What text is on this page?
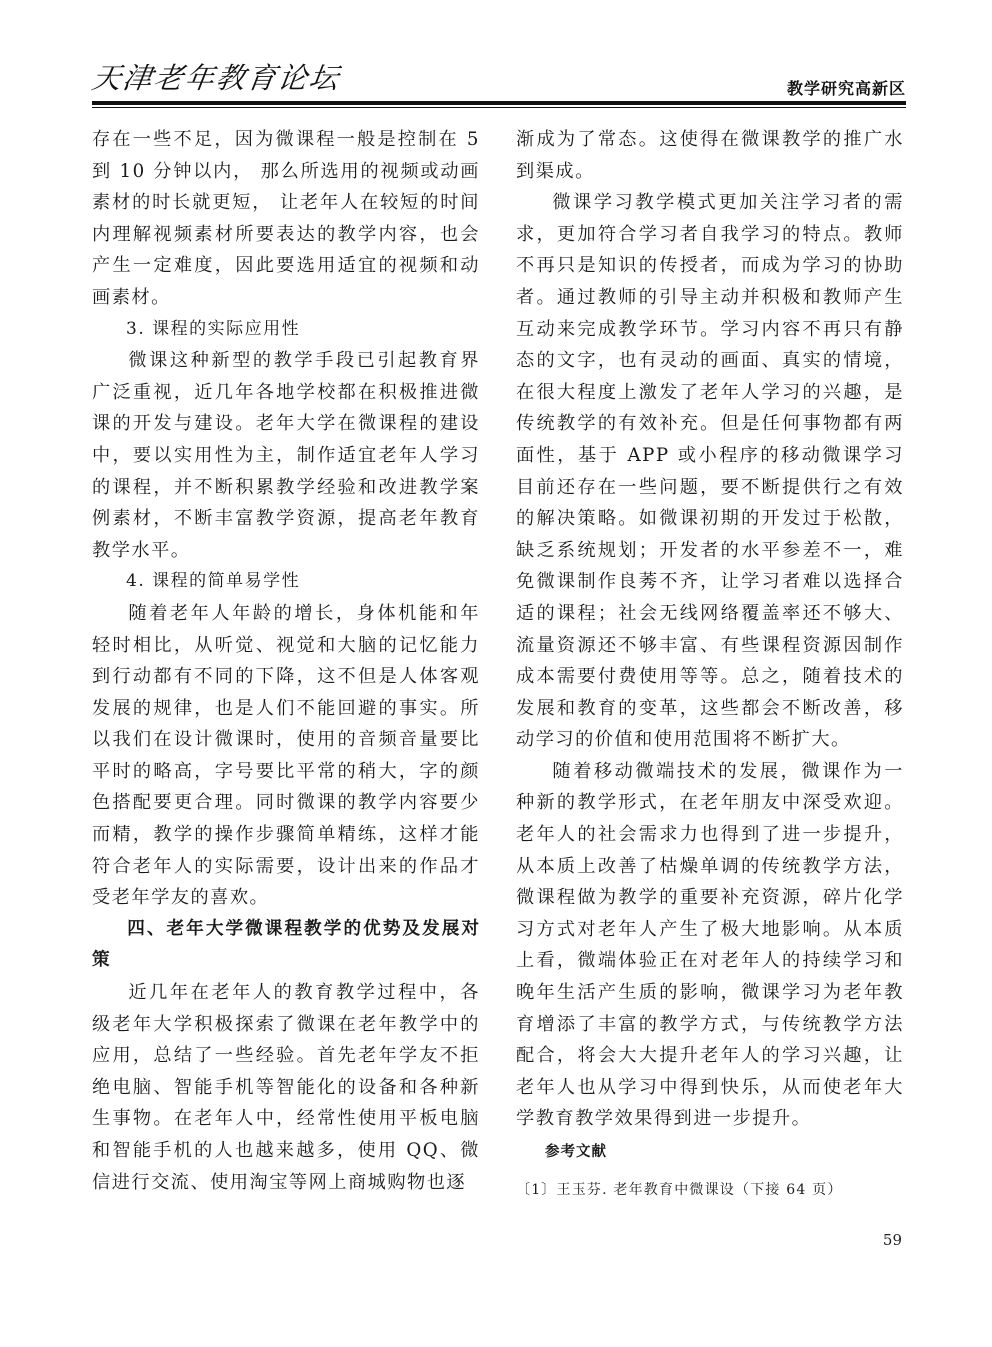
天津老年教育论坛	教学研究高新区

存在一些不足，因为微课程一般是控制在 5 到 10 分钟以内， 那么所选用的视频或动画素材的时长就更短， 让老年人在较短的时间内理解视频素材所要表达的教学内容，也会产生一定难度，因此要选用适宜的视频和动画素材。

3. 课程的实际应用性

微课这种新型的教学手段已引起教育界广泛重视，近几年各地学校都在积极推进微课的开发与建设。老年大学在微课程的建设中，要以实用性为主，制作适宜老年人学习的课程，并不断积累教学经验和改进教学案例素材，不断丰富教学资源，提高老年教育教学水平。

4. 课程的简单易学性

随着老年人年龄的增长，身体机能和年轻时相比，从听觉、视觉和大脑的记忆能力到行动都有不同的下降，这不但是人体客观发展的规律，也是人们不能回避的事实。所以我们在设计微课时，使用的音频音量要比平时的略高，字号要比平常的稍大，字的颜色搭配要更合理。同时微课的教学内容要少而精，教学的操作步骤简单精练，这样才能符合老年人的实际需要，设计出来的作品才受老年学友的喜欢。

四、老年大学微课程教学的优势及发展对策

近几年在老年人的教育教学过程中，各级老年大学积极探索了微课在老年教学中的应用，总结了一些经验。首先老年学友不拒绝电脑、智能手机等智能化的设备和各种新生事物。在老年人中，经常性使用平板电脑和智能手机的人也越来越多，使用 QQ、微信进行交流、使用淘宝等网上商城购物也逐

渐成为了常态。这使得在微课教学的推广水到渠成。

微课学习教学模式更加关注学习者的需求，更加符合学习者自我学习的特点。教师不再只是知识的传授者，而成为学习的协助者。通过教师的引导主动并积极和教师产生互动来完成教学环节。学习内容不再只有静态的文字，也有灵动的画面、真实的情境，在很大程度上激发了老年人学习的兴趣，是传统教学的有效补充。但是任何事物都有两面性，基于 APP 或小程序的移动微课学习目前还存在一些问题，要不断提供行之有效的解决策略。如微课初期的开发过于松散，缺乏系统规划；开发者的水平参差不一，难免微课制作良莠不齐，让学习者难以选择合适的课程；社会无线网络覆盖率还不够大、流量资源还不够丰富、有些课程资源因制作成本需要付费使用等等。总之，随着技术的发展和教育的变革，这些都会不断改善，移动学习的价值和使用范围将不断扩大。

随着移动微端技术的发展，微课作为一种新的教学形式，在老年朋友中深受欢迎。老年人的社会需求力也得到了进一步提升，从本质上改善了枯燥单调的传统教学方法，微课程做为教学的重要补充资源，碎片化学习方式对老年人产生了极大地影响。从本质上看，微端体验正在对老年人的持续学习和晚年生活产生质的影响，微课学习为老年教育增添了丰富的教学方式，与传统教学方法配合，将会大大提升老年人的学习兴趣，让老年人也从学习中得到快乐，从而使老年大学教育教学效果得到进一步提升。

参考文献

〔1〕王玉芬. 老年教育中微课设（下接 64 页）

59
